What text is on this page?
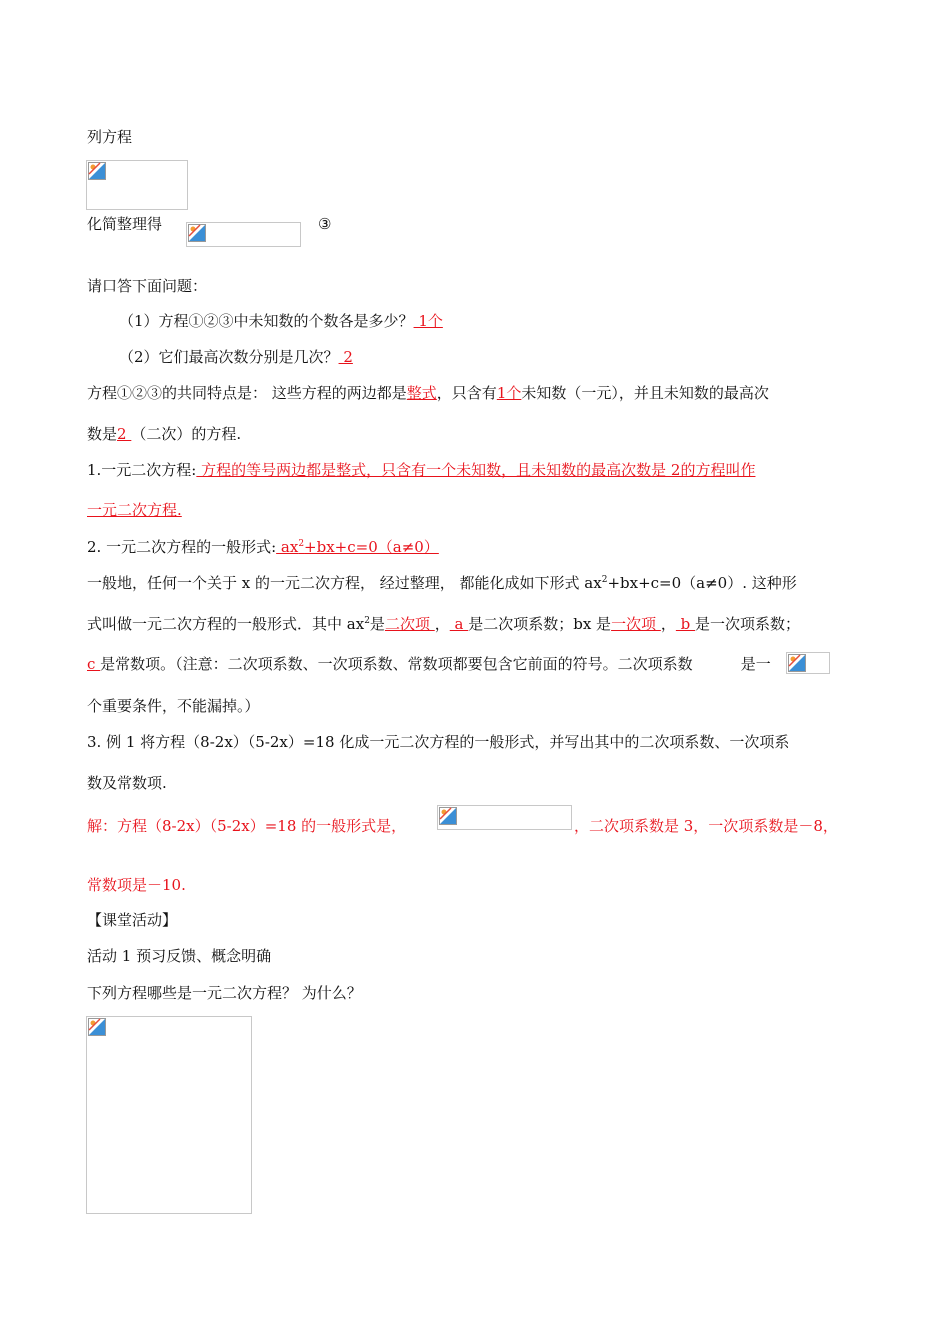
列方程
化简整理得	③
请口答下面问题：
（1）方程①②③中未知数的个数各是多少？ 1个
（2）它们最高次数分别是几次？ 2
方程①②③的共同特点是： 这些方程的两边都是整式，只含有1个未知数（一元），并且未知数的最高次
数是2 （二次）的方程.
1.一元二次方程: 方程的等号两边都是整式，只含有一个未知数，且未知数的最高次数是 2的方程叫作
一元二次方程.
2. 一元二次方程的一般形式: $ax^2+bx+c=0(a\ne 0)$
一般地，任何一个关于 x 的一元二次方程， 经过整理， 都能化成如下形式 $ax^2+bx+c=0(a\ne 0)$. 这种形
式叫做一元二次方程的一般形式．其中 $ax^2$是二次项 ， a 是二次项系数；bx 是一次项 ， b 是一次项系数；
c 是常数项。（注意：二次项系数、一次项系数、常数项都要包含它前面的符号。二次项系数	是一
个重要条件，不能漏掉。）
3. 例 1 将方程（8-2x）（5-2x）=18 化成一元二次方程的一般形式，并写出其中的二次项系数、一次项系
数及常数项.
解：方程（8-2x）（5-2x）=18 的一般形式是，	，二次项系数是 3，一次项系数是－8，
常数项是－10.
【课堂活动】
活动 1 预习反馈、概念明确
下列方程哪些是一元二次方程？ 为什么？
